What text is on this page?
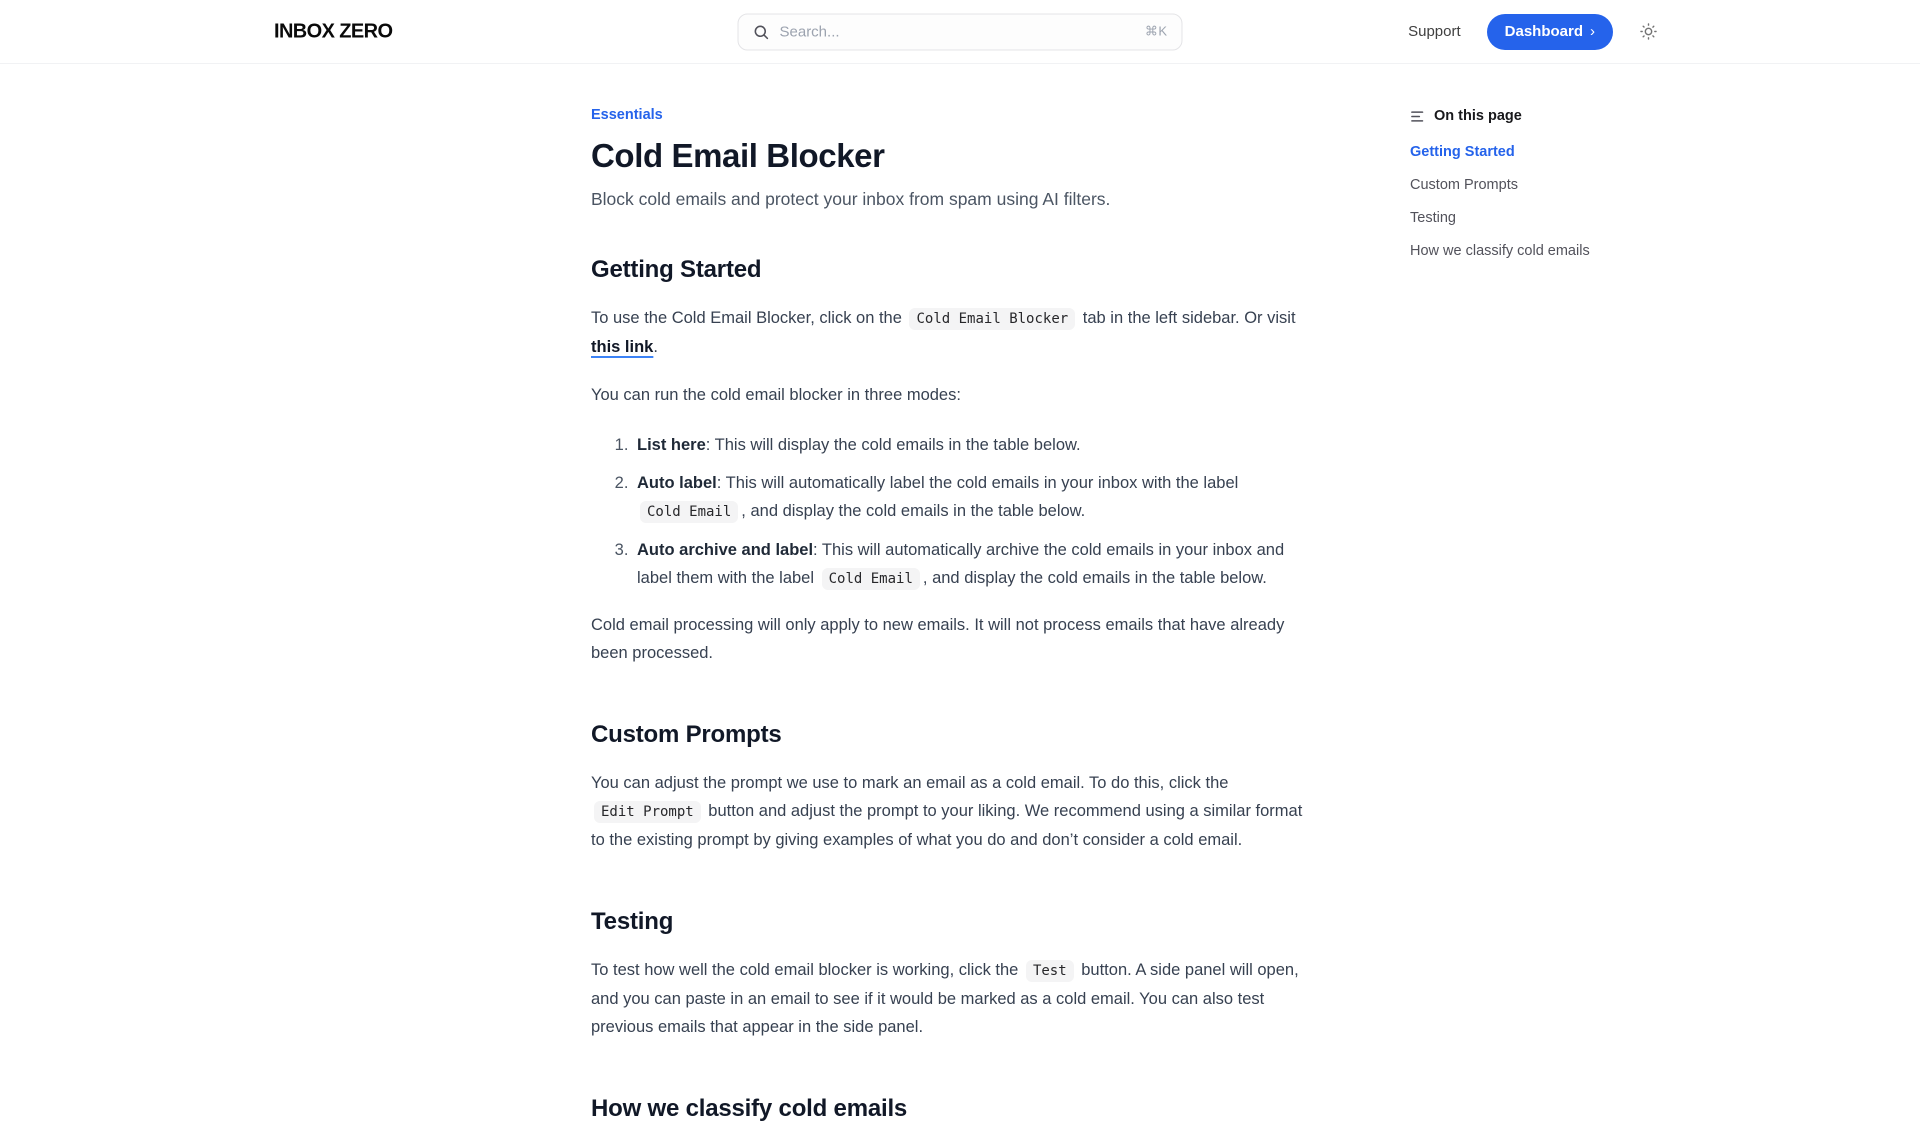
INBOX ZERO	Search...	⌘K	Support	Dashboard ›
Essentials
Cold Email Blocker

Block cold emails and protect your inbox from spam using AI filters.

Getting Started

To use the Cold Email Blocker, click on the Cold Email Blocker tab in the left sidebar. Or visit this link.

You can run the cold email blocker in three modes:

1. List here: This will display the cold emails in the table below.
2. Auto label: This will automatically label the cold emails in your inbox with the label Cold Email , and display the cold emails in the table below.
3. Auto archive and label: This will automatically archive the cold emails in your inbox and label them with the label Cold Email , and display the cold emails in the table below.

Cold email processing will only apply to new emails. It will not process emails that have already been processed.

Custom Prompts

You can adjust the prompt we use to mark an email as a cold email. To do this, click the Edit Prompt button and adjust the prompt to your liking. We recommend using a similar format to the existing prompt by giving examples of what you do and don’t consider a cold email.

Testing

To test how well the cold email blocker is working, click the Test button. A side panel will open, and you can paste in an email to see if it would be marked as a cold email. You can also test previous emails that appear in the side panel.

How we classify cold emails
On this page
Getting Started
Custom Prompts
Testing
How we classify cold emails
